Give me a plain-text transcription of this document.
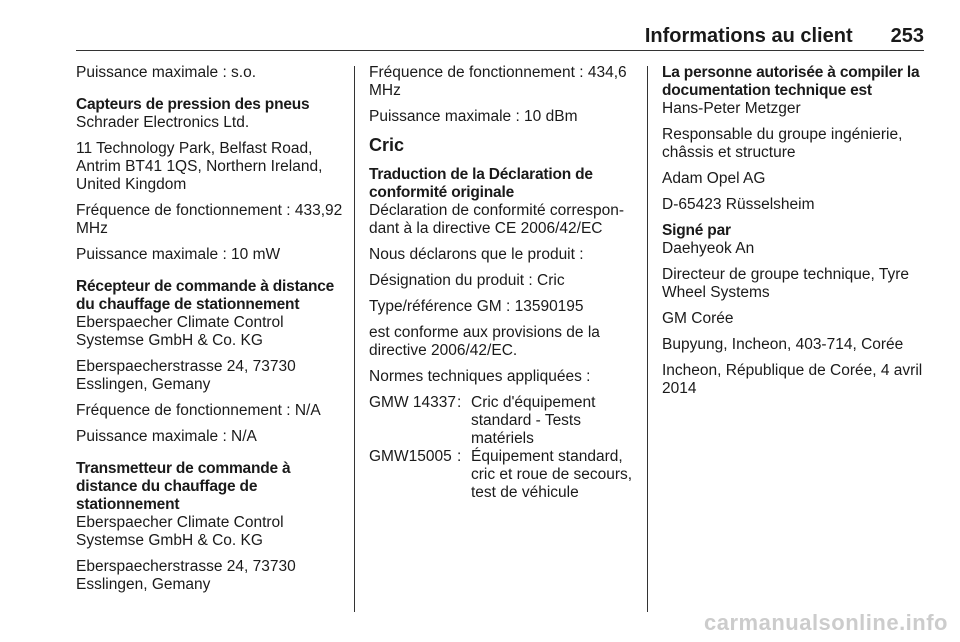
Informations au client 253

Puissance maximale : s.o.

Capteurs de pression des pneus

Schrader Electronics Ltd.

11 Technology Park, Belfast Road, Antrim BT41 1QS, Northern Ireland, United Kingdom

Fréquence de fonctionnement : 433,92 MHz

Puissance maximale : 10 mW

Récepteur de commande à distance du chauffage de stationnement

Eberspaecher Climate Control Systemse GmbH & Co. KG

Eberspaecherstrasse 24, 73730 Esslingen, Gemany

Fréquence de fonctionnement : N/A

Puissance maximale : N/A

Transmetteur de commande à distance du chauffage de stationnement

Eberspaecher Climate Control Systemse GmbH & Co. KG

Eberspaecherstrasse 24, 73730 Esslingen, Gemany

Fréquence de fonctionnement : 434,6 MHz

Puissance maximale : 10 dBm

Cric

Traduction de la Déclaration de conformité originale

Déclaration de conformité correspondant à la directive CE 2006/42/EC

Nous déclarons que le produit :

Désignation du produit : Cric

Type/référence GM : 13590195

est conforme aux provisions de la directive 2006/42/EC.

Normes techniques appliquées :

GMW 14337 : Cric d'équipement standard - Tests matériels
GMW15005 : Équipement standard, cric et roue de secours, test de véhicule

La personne autorisée à compiler la documentation technique est

Hans-Peter Metzger

Responsable du groupe ingénierie, châssis et structure

Adam Opel AG

D-65423 Rüsselsheim

Signé par

Daehyeok An

Directeur de groupe technique, Tyre Wheel Systems

GM Corée

Bupyung, Incheon, 403-714, Corée

Incheon, République de Corée, 4 avril 2014

carmanualsonline.info
